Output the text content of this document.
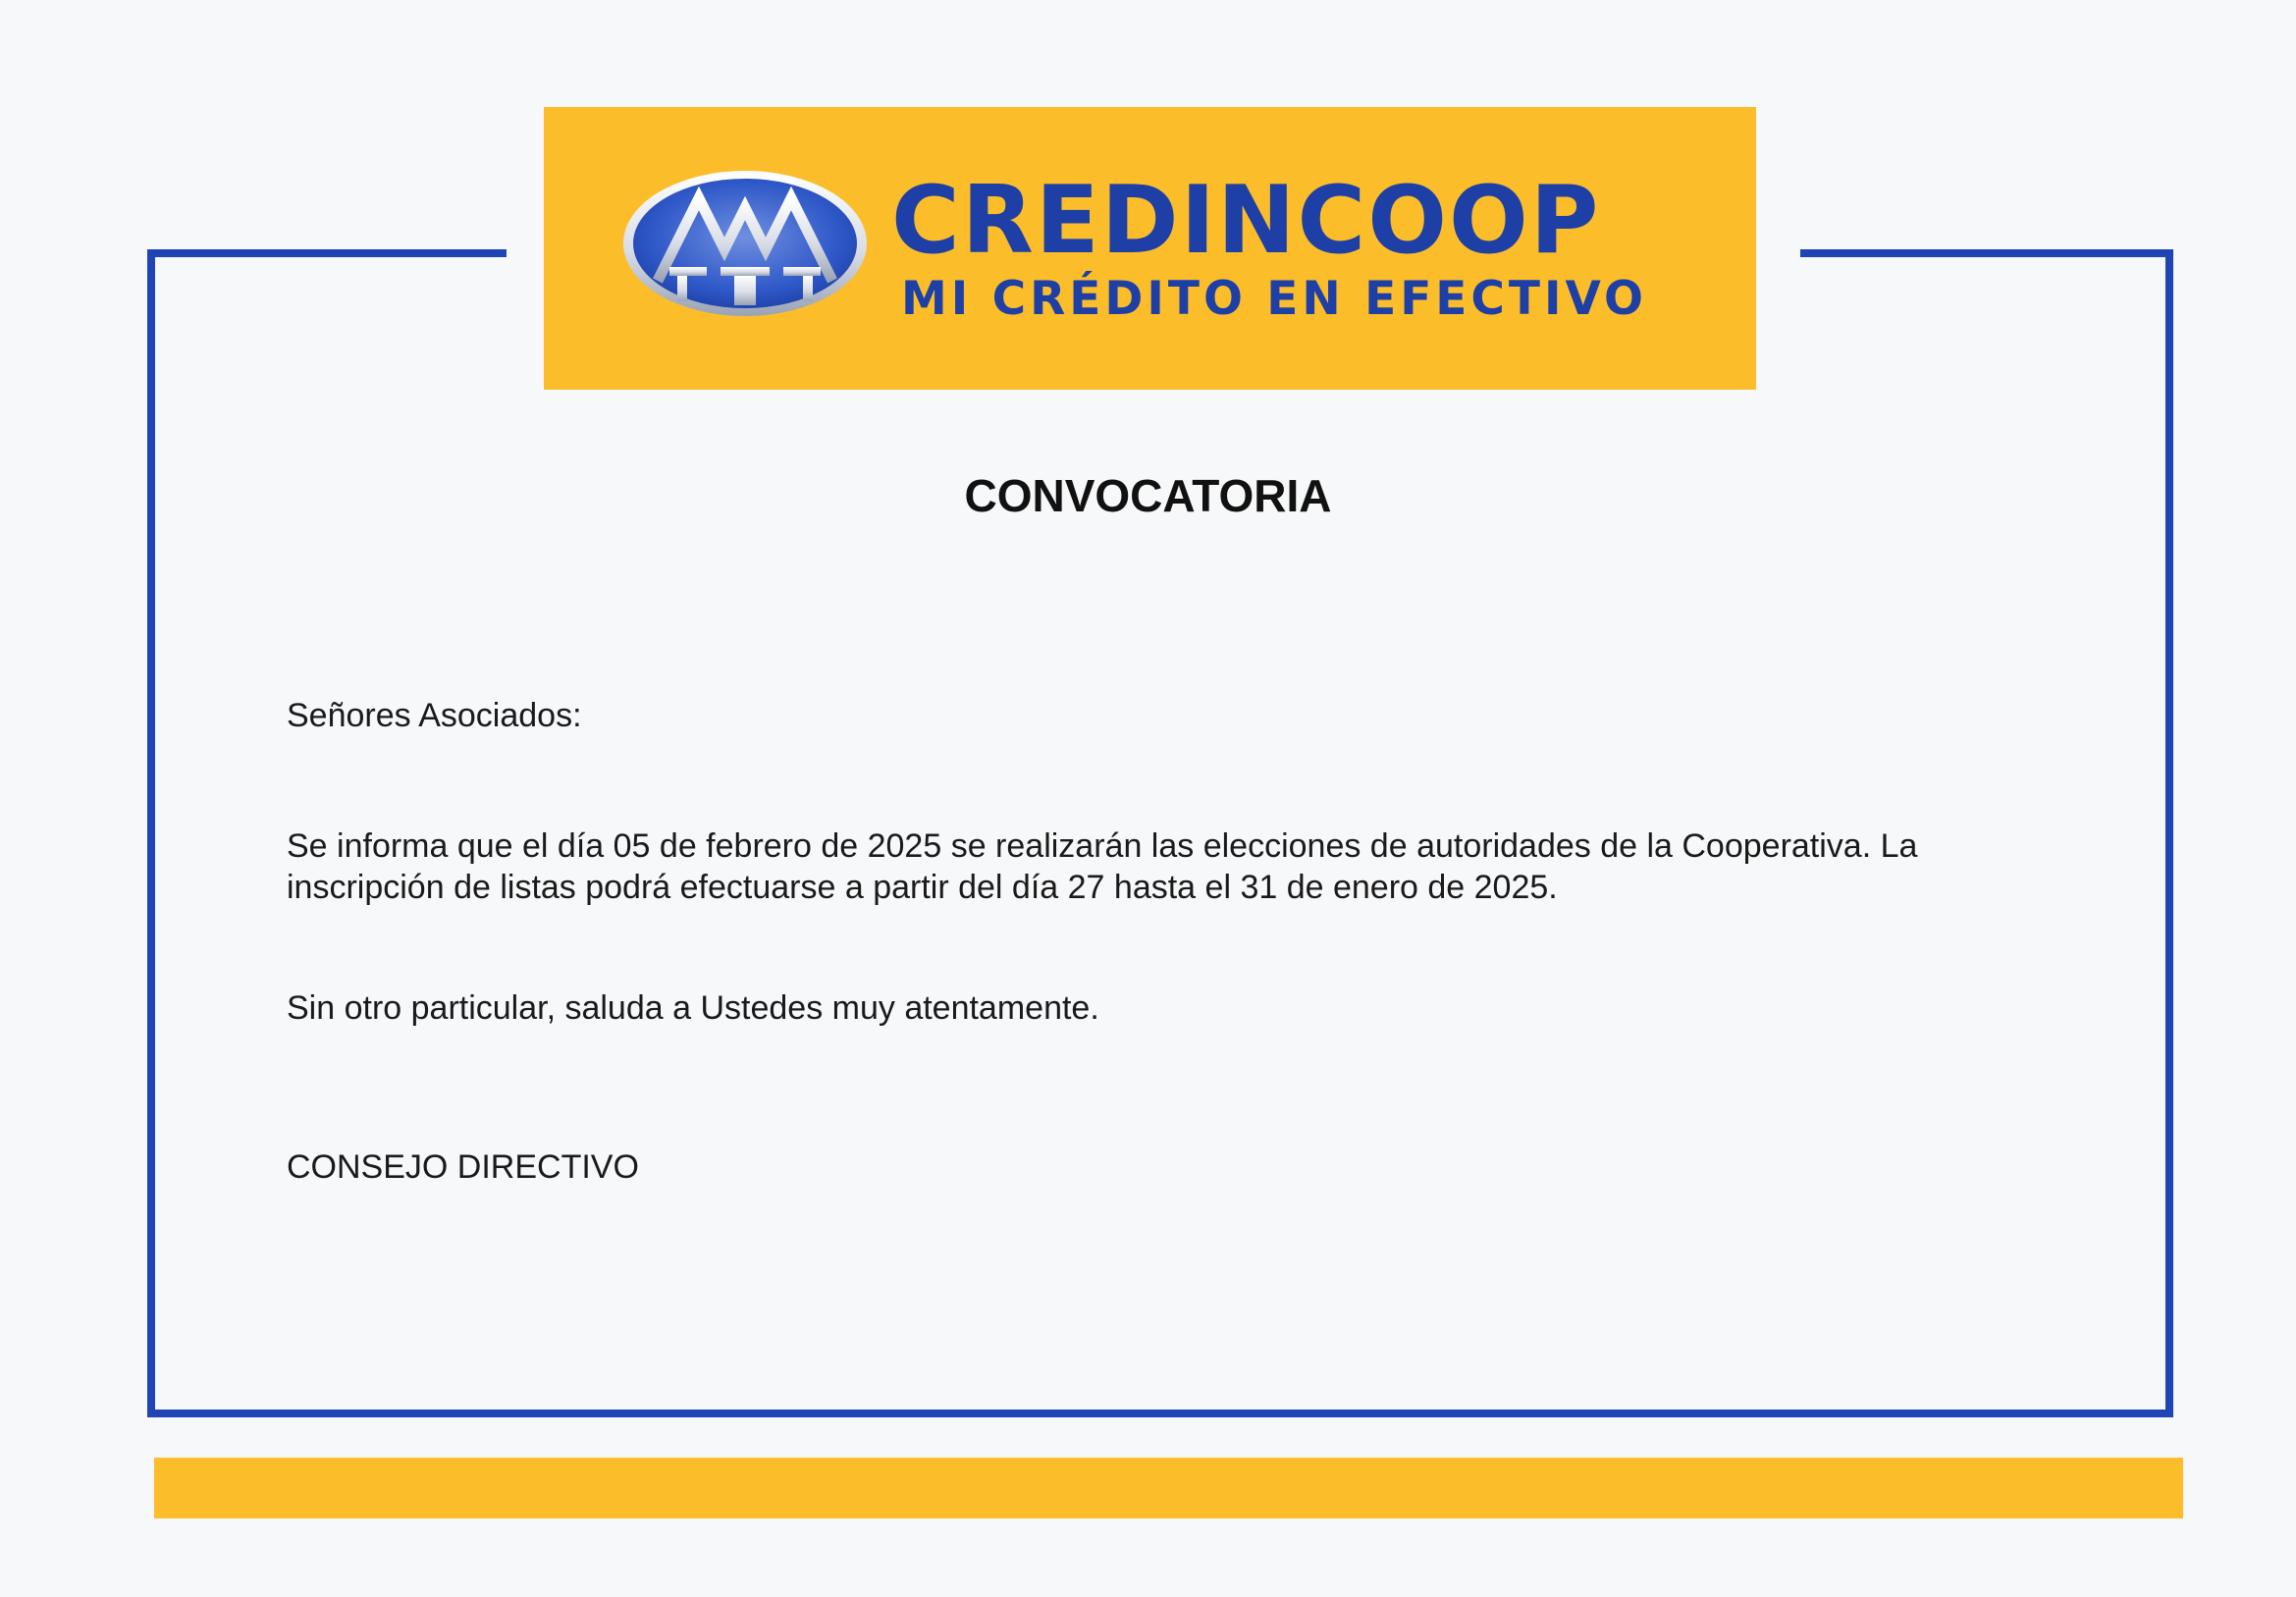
CREDINCOOP

MI CRÉDITO EN EFECTIVO

CONVOCATORIA

Señores Asociados:

Se informa que el día 05 de febrero de 2025 se realizarán las elecciones de autoridades de la Cooperativa. La

inscripción de listas podrá efectuarse a partir del día 27 hasta el 31 de enero de 2025.

Sin otro particular, saluda a Ustedes muy atentamente.

CONSEJO DIRECTIVO
